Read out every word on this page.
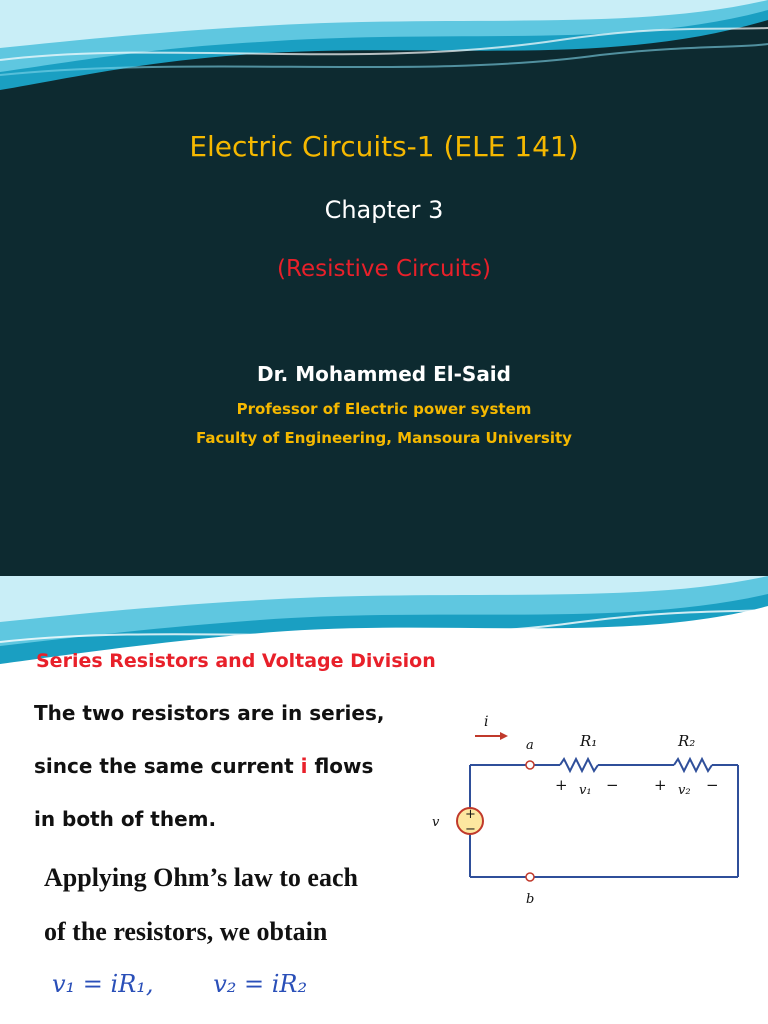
Electric Circuits-1 (ELE 141)
Chapter 3
(Resistive Circuits)
Dr. Mohammed El-Said
Professor of Electric power system
Faculty of Engineering, Mansoura University
Series Resistors and Voltage Division
The two resistors are in series,
since the same current i flows
in both of them.
Applying Ohm’s law to each
of the resistors, we obtain
v₁ = iR₁, v₂ = iR₂
+
−
v
i
a
b
R₁	R₂
+ v₁ − + v₂ −
